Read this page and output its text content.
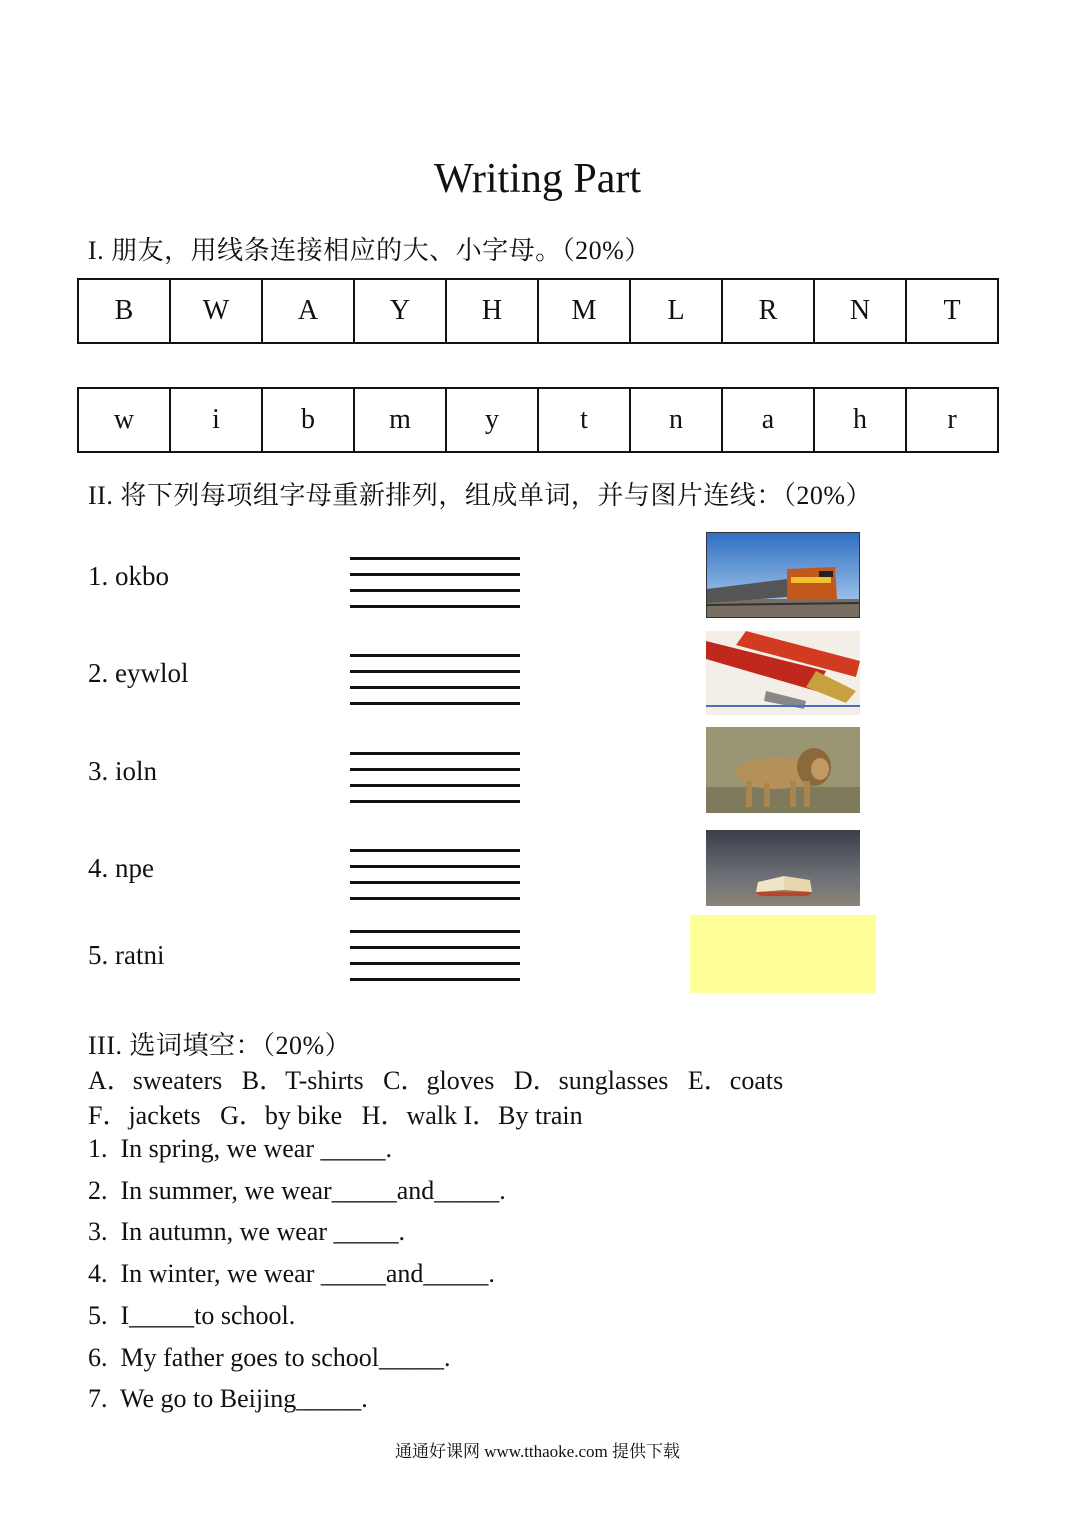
Writing Part
I. 朋友，用线条连接相应的大、小字母。（20%）
B	W	A	Y	H	M	L	R	N	T
w	i	b	m	y	t	n	a	h	r
II. 将下列每项组字母重新排列，组成单词，并与图片连线：（20%）
1. okbo
2. eywlol
3. ioln
4. npe
5. ratni
III. 选词填空：（20%）
A．sweaters   B．T-shirts   C．gloves   D．sunglasses   E．coats
F．jackets   G．by bike   H．walk I．By train
1.  In spring, we wear _____.
2.  In summer, we wear_____and_____.
3.  In autumn, we wear _____.
4.  In winter, we wear _____and_____.
5.  I_____to school.
6.  My father goes to school_____.
7.  We go to Beijing_____.
通通好课网 www.tthaoke.com 提供下载
